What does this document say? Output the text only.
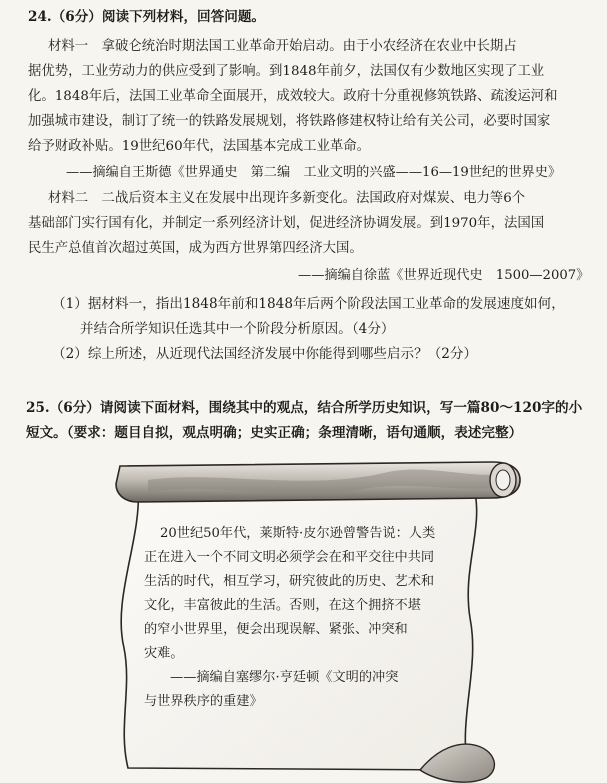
24.（6分）阅读下列材料，回答问题。
材料一　拿破仑统治时期法国工业革命开始启动。由于小农经济在农业中长期占
据优势，工业劳动力的供应受到了影响。到1848年前夕，法国仅有少数地区实现了工业
化。1848年后，法国工业革命全面展开，成效较大。政府十分重视修筑铁路、疏浚运河和
加强城市建设，制订了统一的铁路发展规划，将铁路修建权特让给有关公司，必要时国家
给予财政补贴。19世纪60年代，法国基本完成工业革命。
——摘编自王斯德《世界通史　第二编　工业文明的兴盛——16—19世纪的世界史》
材料二　二战后资本主义在发展中出现许多新变化。法国政府对煤炭、电力等6个
基础部门实行国有化，并制定一系列经济计划，促进经济协调发展。到1970年，法国国
民生产总值首次超过英国，成为西方世界第四经济大国。
——摘编自徐蓝《世界近现代史　1500—2007》
（1）据材料一，指出1848年前和1848年后两个阶段法国工业革命的发展速度如何，
并结合所学知识任选其中一个阶段分析原因。（4分）
（2）综上所述，从近现代法国经济发展中你能得到哪些启示？（2分）
25.（6分）请阅读下面材料，围绕其中的观点，结合所学历史知识，写一篇80～120字的小
短文。（要求：题目自拟，观点明确；史实正确；条理清晰，语句通顺，表述完整）
20世纪50年代，莱斯特·皮尔逊曾警告说：人类
正在进入一个不同文明必须学会在和平交往中共同
生活的时代，相互学习，研究彼此的历史、艺术和
文化，丰富彼此的生活。否则，在这个拥挤不堪
的窄小世界里，便会出现误解、紧张、冲突和
灾难。
——摘编自塞缪尔·亨廷顿《文明的冲突
与世界秩序的重建》
